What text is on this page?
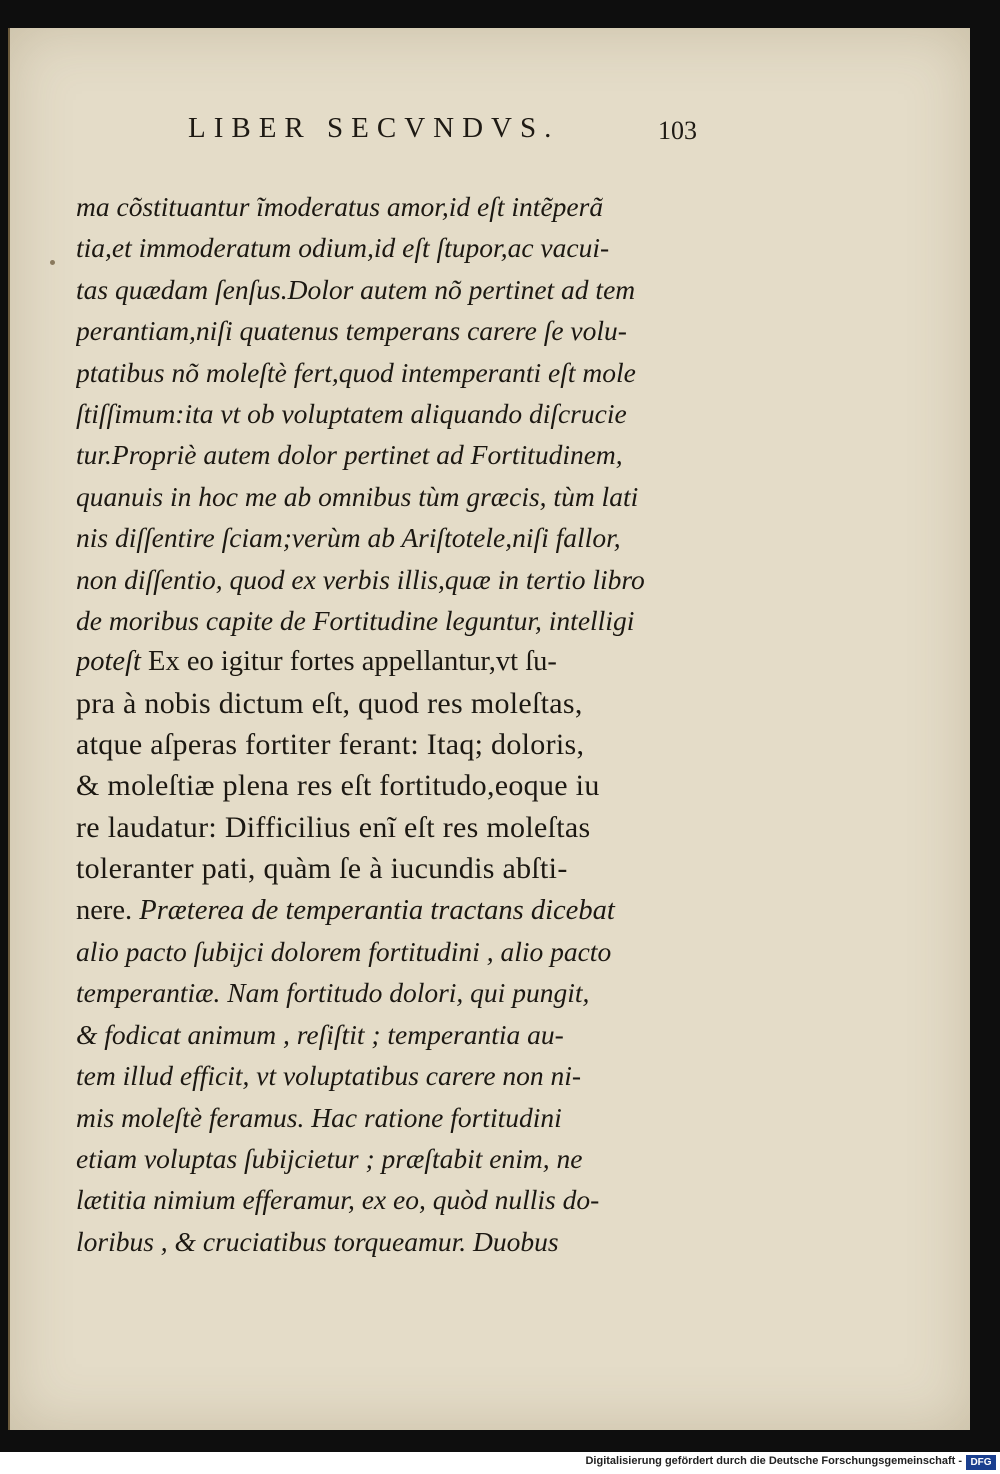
LIBER SECVNDVS.	103
ma cõstituantur ĩmoderatus amor,id eſt intẽperã
tia,et immoderatum odium,id eſt ſtupor,ac vacui-
tas quædam ſenſus.Dolor autem nõ pertinet ad tem
perantiam,niſi quatenus temperans carere ſe volu-
ptatibus nõ moleſtè fert,quod intemperanti eſt mole
ſtiſſimum:ita vt ob voluptatem aliquando diſcrucie
tur.Propriè autem dolor pertinet ad Fortitudinem,
quanuis in hoc me ab omnibus tùm græcis, tùm lati
nis diſſentire ſciam;verùm ab Ariſtotele,niſi fallor,
non diſſentio, quod ex verbis illis,quæ in tertio libro
de moribus capite de Fortitudine leguntur, intelligi
poteſt Ex eo igitur fortes appellantur,vt ſu-
pra à nobis dictum eſt, quod res moleſtas,
atque aſperas fortiter ferant: Itaq; doloris,
& moleſtiæ plena res eſt fortitudo,eoque iu
re laudatur: Difficilius enĩ eſt res moleſtas
toleranter pati, quàm ſe à iucundis abſti-
nere. Præterea de temperantia tractans dicebat
alio pacto ſubijci dolorem fortitudini , alio pacto
temperantiæ. Nam fortitudo dolori, qui pungit,
& fodicat animum , reſiſtit ; temperantia au-
tem illud efficit, vt voluptatibus carere non ni-
mis moleſtè feramus. Hac ratione fortitudini
etiam voluptas ſubijcietur ; præſtabit enim, ne
lætitia nimium efferamur, ex eo, quòd nullis do-
loribus , & cruciatibus torqueamur. Duobus
Digitalisierung gefördert durch die Deutsche Forschungsgemeinschaft - DFG
